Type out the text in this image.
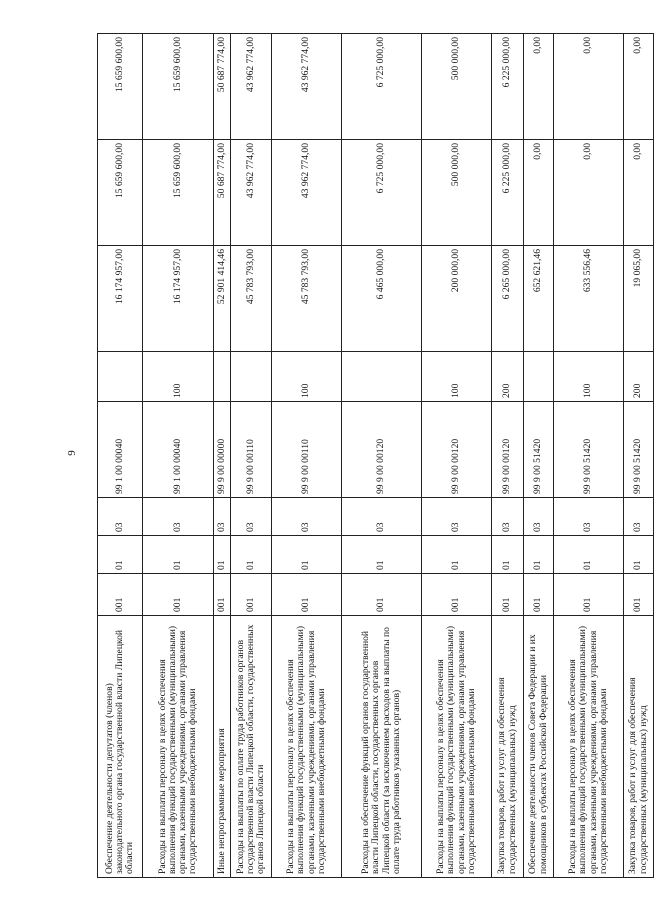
9
Обеспечение деятельности депутатов (членов) законодательного органа государственной власти Липецкой области	001	01	03	99 1 00 00040		16 174 957,00	15 659 600,00	15 659 600,00
Расходы на выплаты персоналу в целях обеспечения выполнения функций государственными (муниципальными) органами, казенными учреждениями, органами управления государственными внебюджетными фондами	001	01	03	99 1 00 00040	100	16 174 957,00	15 659 600,00	15 659 600,00
Иные непрограммные мероприятия	001	01	03	99 9 00 00000		52 901 414,46	50 687 774,00	50 687 774,00
Расходы на выплаты по оплате труда работников органов государственной власти Липецкой области, государственных органов Липецкой области	001	01	03	99 9 00 00110		45 783 793,00	43 962 774,00	43 962 774,00
Расходы на выплаты персоналу в целях обеспечения выполнения функций государственными (муниципальными) органами, казенными учреждениями, органами управления государственными внебюджетными фондами	001	01	03	99 9 00 00110	100	45 783 793,00	43 962 774,00	43 962 774,00
Расходы на обеспечение функций органов государственной власти Липецкой области, государственных органов Липецкой области (за исключением расходов на выплаты по оплате труда работников указанных органов)	001	01	03	99 9 00 00120		6 465 000,00	6 725 000,00	6 725 000,00
Расходы на выплаты персоналу в целях обеспечения выполнения функций государственными (муниципальными) органами, казенными учреждениями, органами управления государственными внебюджетными фондами	001	01	03	99 9 00 00120	100	200 000,00	500 000,00	500 000,00
Закупка товаров, работ и услуг для обеспечения государственных (муниципальных) нужд	001	01	03	99 9 00 00120	200	6 265 000,00	6 225 000,00	6 225 000,00
Обеспечение деятельности членов Совета Федерации и их помощников в субъектах Российской Федерации	001	01	03	99 9 00 51420		652 621,46	0,00	0,00
Расходы на выплаты персоналу в целях обеспечения выполнения функций государственными (муниципальными) органами, казенными учреждениями, органами управления государственными внебюджетными фондами	001	01	03	99 9 00 51420	100	633 556,46	0,00	0,00
Закупка товаров, работ и услуг для обеспечения государственных (муниципальных) нужд	001	01	03	99 9 00 51420	200	19 065,00	0,00	0,00
